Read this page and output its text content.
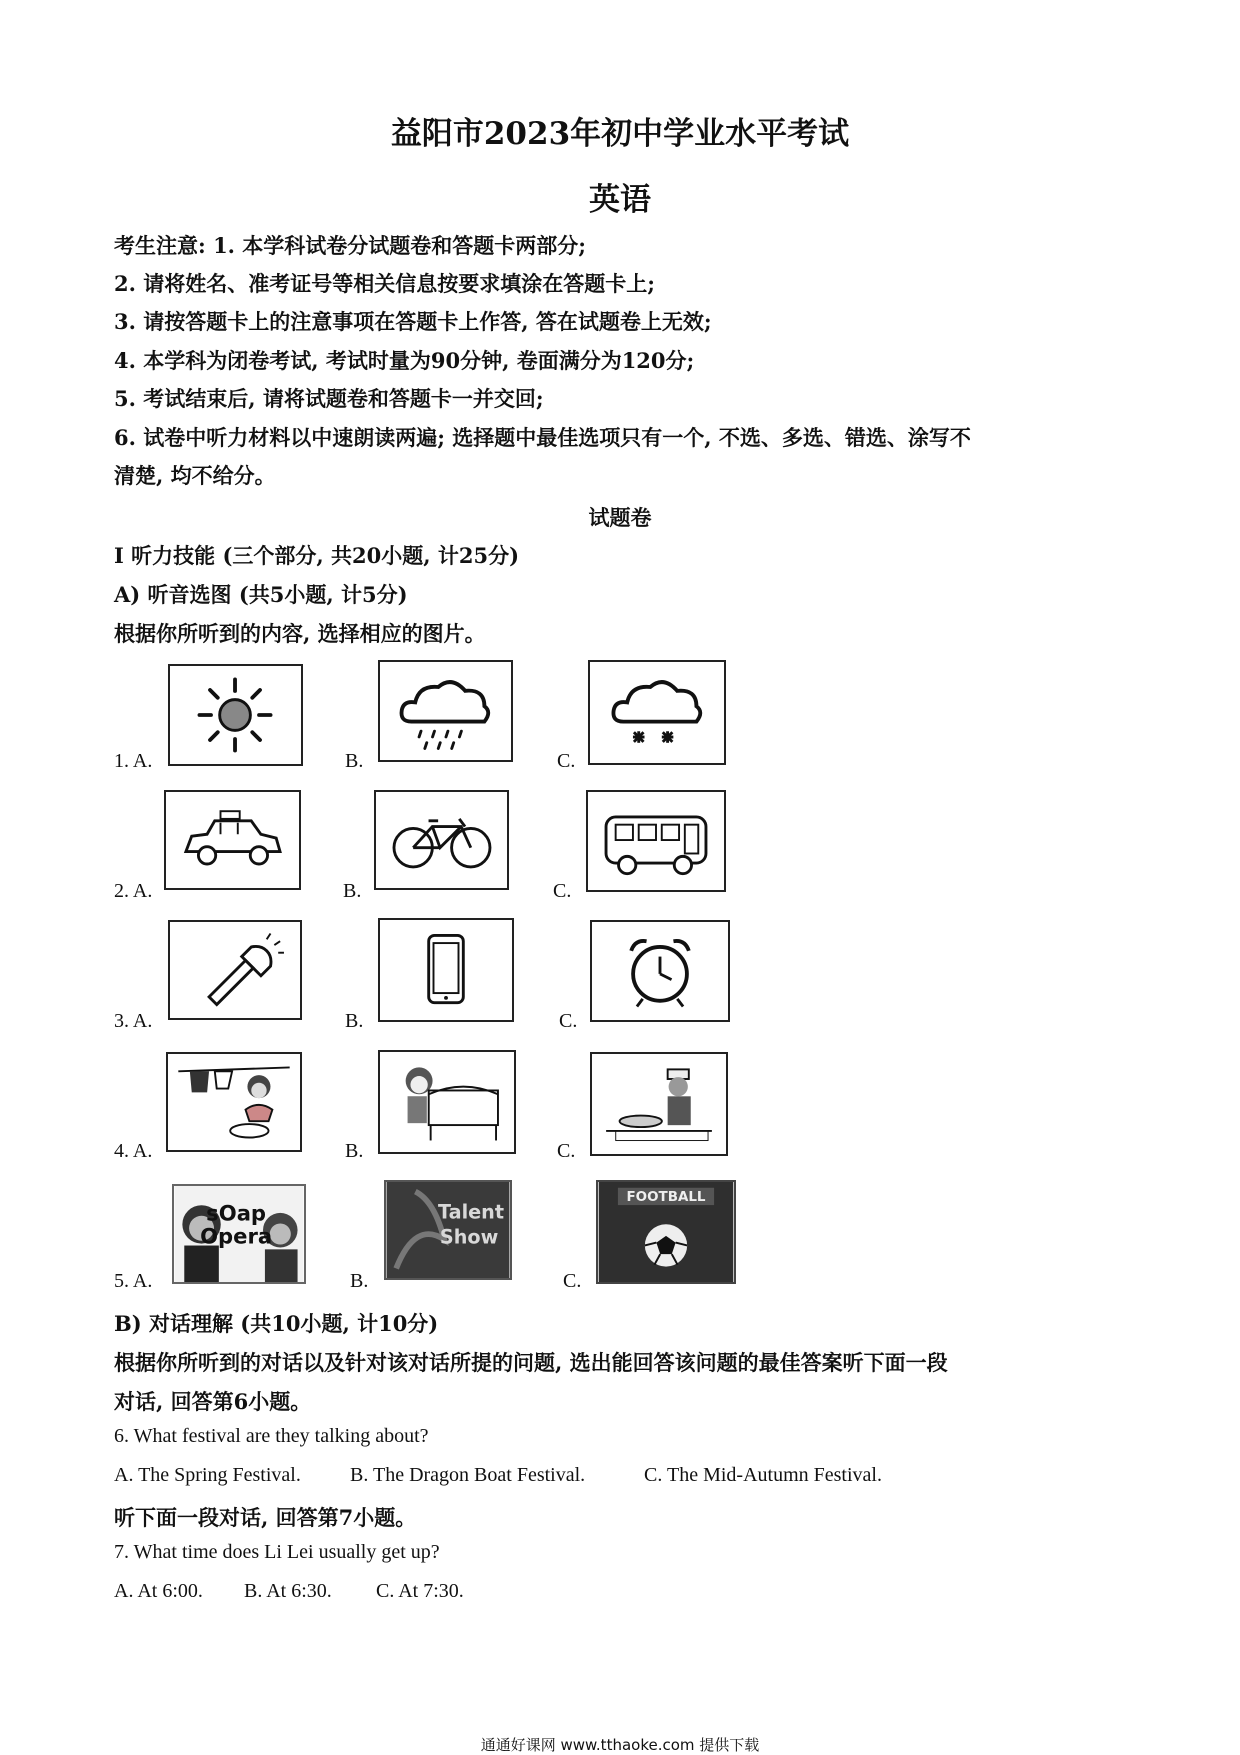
益阳市2023年初中学业水平考试
英语
考生注意: 1. 本学科试卷分试题卷和答题卡两部分;
2. 请将姓名、准考证号等相关信息按要求填涂在答题卡上;
3. 请按答题卡上的注意事项在答题卡上作答, 答在试题卷上无效;
4. 本学科为闭卷考试, 考试时量为90分钟, 卷面满分为120分;
5. 考试结束后, 请将试题卷和答题卡一并交回;
6. 试卷中听力材料以中速朗读两遍; 选择题中最佳选项只有一个, 不选、多选、错选、涂写不
清楚, 均不给分。
试题卷
I 听力技能 (三个部分, 共20小题, 计25分)
A) 听音选图 (共5小题, 计5分)
根据你所听到的内容, 选择相应的图片。
1. A.	B.	C.
2. A.	B.	C.
3. A.	B.	C.
4. A.	B.	C.
5. A.	B.	C.
sOap
Opera
Talent
Show
FOOTBALL
B) 对话理解 (共10小题, 计10分)
根据你所听到的对话以及针对该对话所提的问题, 选出能回答该问题的最佳答案听下面一段
对话, 回答第6小题。
6. What festival are they talking about?
A. The Spring Festival. B. The Dragon Boat Festival.	C. The Mid-Autumn Festival.
听下面一段对话, 回答第7小题。
7. What time does Li Lei usually get up?
A. At 6:00. B. At 6:30. C. At 7:30.
通通好课网 www.tthaoke.com 提供下载
